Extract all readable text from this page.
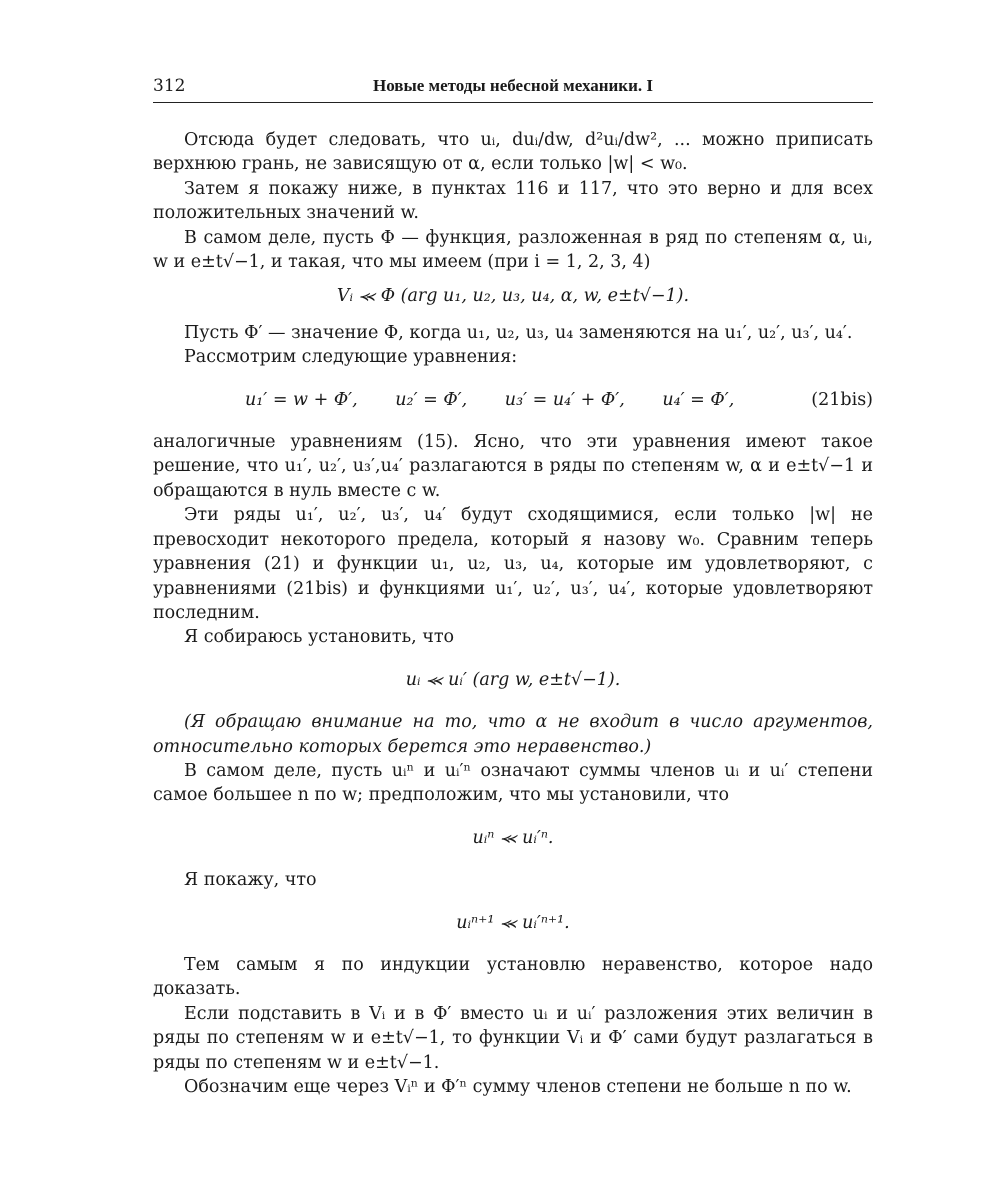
312	Новые методы небесной механики. I

Отсюда будет следовать, что uᵢ, duᵢ/dw, d²uᵢ/dw², ... можно приписать верхнюю грань, не зависящую от α, если только |w| < w₀.

Затем я покажу ниже, в пунктах 116 и 117, что это верно и для всех положительных значений w.

В самом деле, пусть Φ — функция, разложенная в ряд по степеням α, uᵢ, w и e±t√−1, и такая, что мы имеем (при i = 1, 2, 3, 4)

Vᵢ ⪻ Φ (arg u₁, u₂, u₃, u₄, α, w, e±t√−1).

Пусть Φ′ — значение Φ, когда u₁, u₂, u₃, u₄ заменяются на u₁′, u₂′, u₃′, u₄′.

Рассмотрим следующие уравнения:

u₁′ = w + Φ′, u₂′ = Φ′, u₃′ = u₄′ + Φ′, u₄′ = Φ′,	(21bis)

аналогичные уравнениям (15). Ясно, что эти уравнения имеют такое решение, что u₁′, u₂′, u₃′,u₄′ разлагаются в ряды по степеням w, α и e±t√−1 и обращаются в нуль вместе с w.

Эти ряды u₁′, u₂′, u₃′, u₄′ будут сходящимися, если только |w| не превосходит некоторого предела, который я назову w₀. Сравним теперь уравнения (21) и функции u₁, u₂, u₃, u₄, которые им удовлетворяют, с уравнениями (21bis) и функциями u₁′, u₂′, u₃′, u₄′, которые удовлетворяют последним.

Я собираюсь установить, что

uᵢ ⪻ uᵢ′ (arg w, e±t√−1).

(Я обращаю внимание на то, что α не входит в число аргументов, относительно которых берется это неравенство.)

В самом деле, пусть uᵢⁿ и uᵢ′ⁿ означают суммы членов uᵢ и uᵢ′ степени самое большее n по w; предположим, что мы установили, что

uᵢⁿ ⪻ uᵢ′ⁿ.

Я покажу, что

uᵢⁿ⁺¹ ⪻ uᵢ′ⁿ⁺¹.

Тем самым я по индукции установлю неравенство, которое надо доказать.

Если подставить в Vᵢ и в Φ′ вместо uᵢ и uᵢ′ разложения этих величин в ряды по степеням w и e±t√−1, то функции Vᵢ и Φ′ сами будут разлагаться в ряды по степеням w и e±t√−1.

Обозначим еще через Vᵢⁿ и Φ′ⁿ сумму членов степени не больше n по w.
